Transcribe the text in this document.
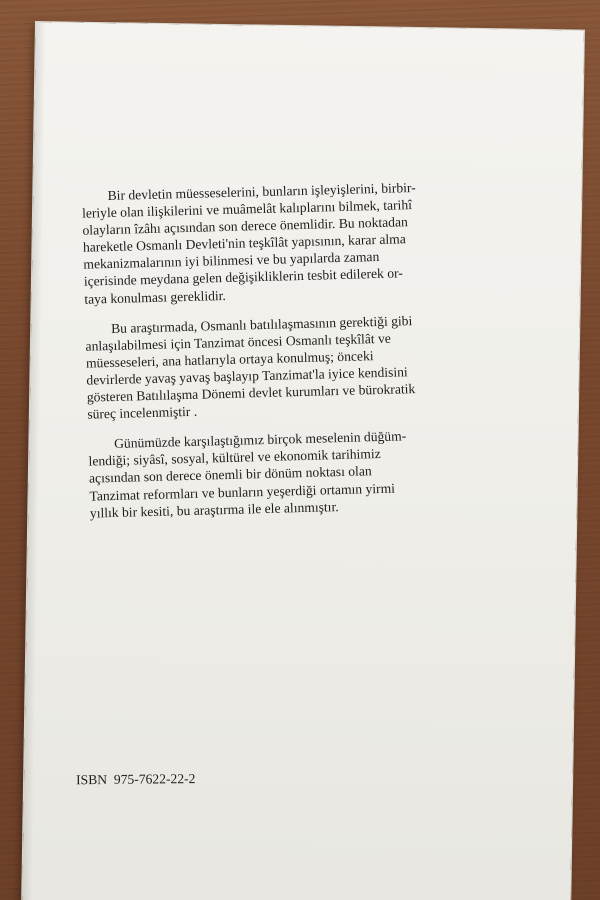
Bir devletin müesseselerini, bunların işleyişlerini, birbir-
leriyle olan ilişkilerini ve muâmelât kalıplarını bilmek, tarihî
olayların îzâhı açısından son derece önemlidir. Bu noktadan
hareketle Osmanlı Devleti'nin teşkîlât yapısının, karar alma
mekanizmalarının iyi bilinmesi ve bu yapılarda zaman
içerisinde meydana gelen değişikliklerin tesbit edilerek or-
taya konulması gereklidir.

Bu araştırmada, Osmanlı batılılaşmasının gerektiği gibi
anlaşılabilmesi için Tanzimat öncesi Osmanlı teşkîlât ve
müesseseleri, ana hatlarıyla ortaya konulmuş; önceki
devirlerde yavaş yavaş başlayıp Tanzimat'la iyice kendisini
gösteren Batılılaşma Dönemi devlet kurumları ve bürokratik
süreç incelenmiştir .

Günümüzde karşılaştığımız birçok meselenin düğüm-
lendiği; siyâsî, sosyal, kültürel ve ekonomik tarihimiz
açısından son derece önemli bir dönüm noktası olan
Tanzimat reformları ve bunların yeşerdiği ortamın yirmi
yıllık bir kesiti, bu araştırma ile ele alınmıştır.

ISBN  975-7622-22-2
